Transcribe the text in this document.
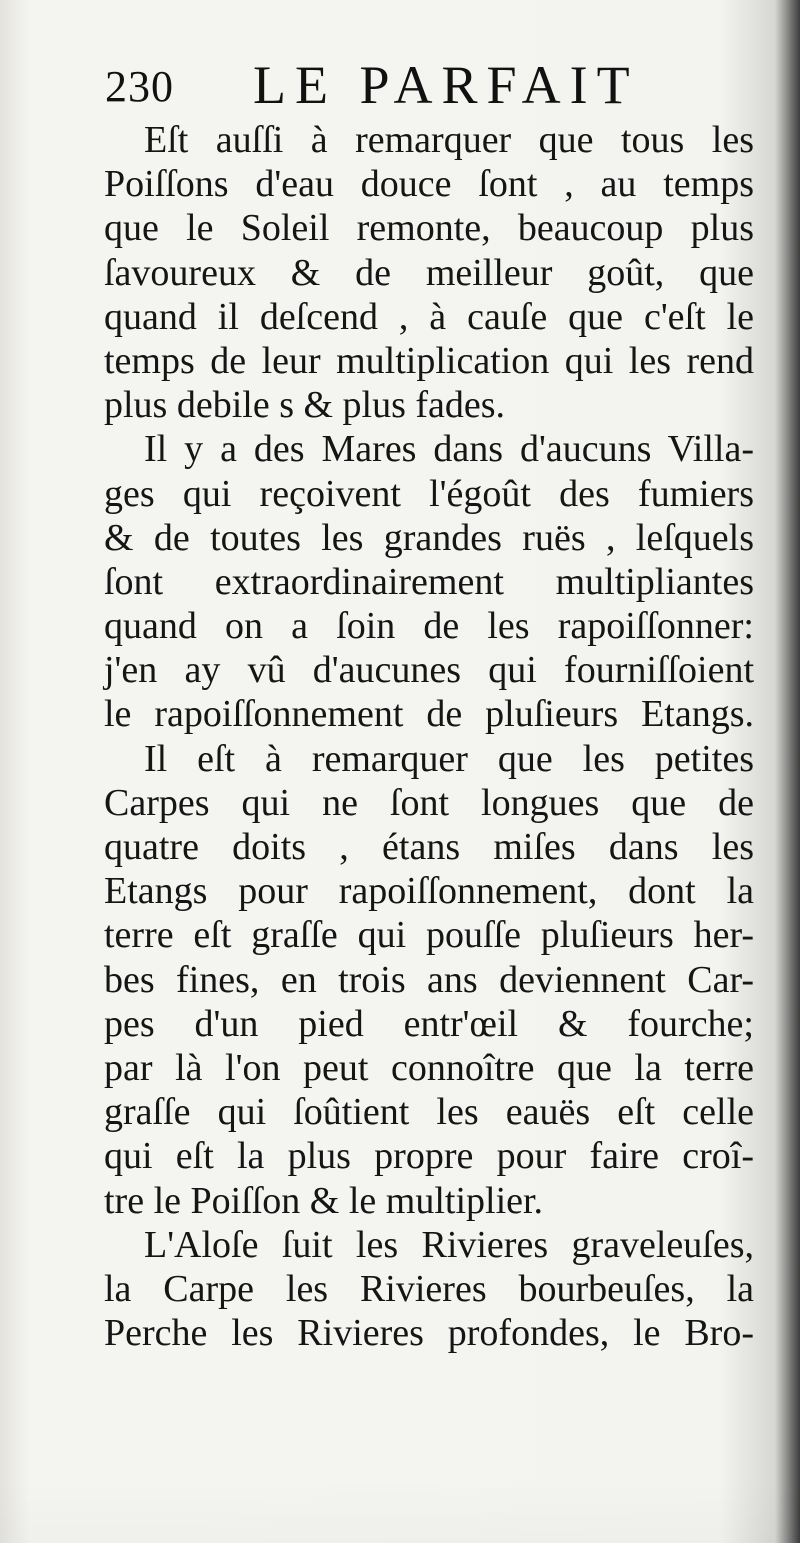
230 LE PARFAIT
Eſt auſſi à remarquer que tous les
Poiſſons d'eau douce ſont , au temps
que le Soleil remonte, beaucoup plus
ſavoureux & de meilleur goût, que
quand il deſcend , à cauſe que c'eſt le
temps de leur multiplication qui les rend
plus debile s & plus fades.
Il y a des Mares dans d'aucuns Villa-
ges qui reçoivent l'égoût des fumiers
& de toutes les grandes ruës , leſquels
ſont extraordinairement multipliantes
quand on a ſoin de les rapoiſſonner:
j'en ay vû d'aucunes qui fourniſſoient
le rapoiſſonnement de pluſieurs Etangs.
Il eſt à remarquer que les petites
Carpes qui ne ſont longues que de
quatre doits , étans miſes dans les
Etangs pour rapoiſſonnement, dont la
terre eſt graſſe qui pouſſe pluſieurs her-
bes fines, en trois ans deviennent Car-
pes d'un pied entr'œil & fourche;
par là l'on peut connoître que la terre
graſſe qui ſoûtient les eauës eſt celle
qui eſt la plus propre pour faire croî-
tre le Poiſſon & le multiplier.
L'Aloſe ſuit les Rivieres graveleuſes,
la Carpe les Rivieres bourbeuſes, la
Perche les Rivieres profondes, le Bro-
